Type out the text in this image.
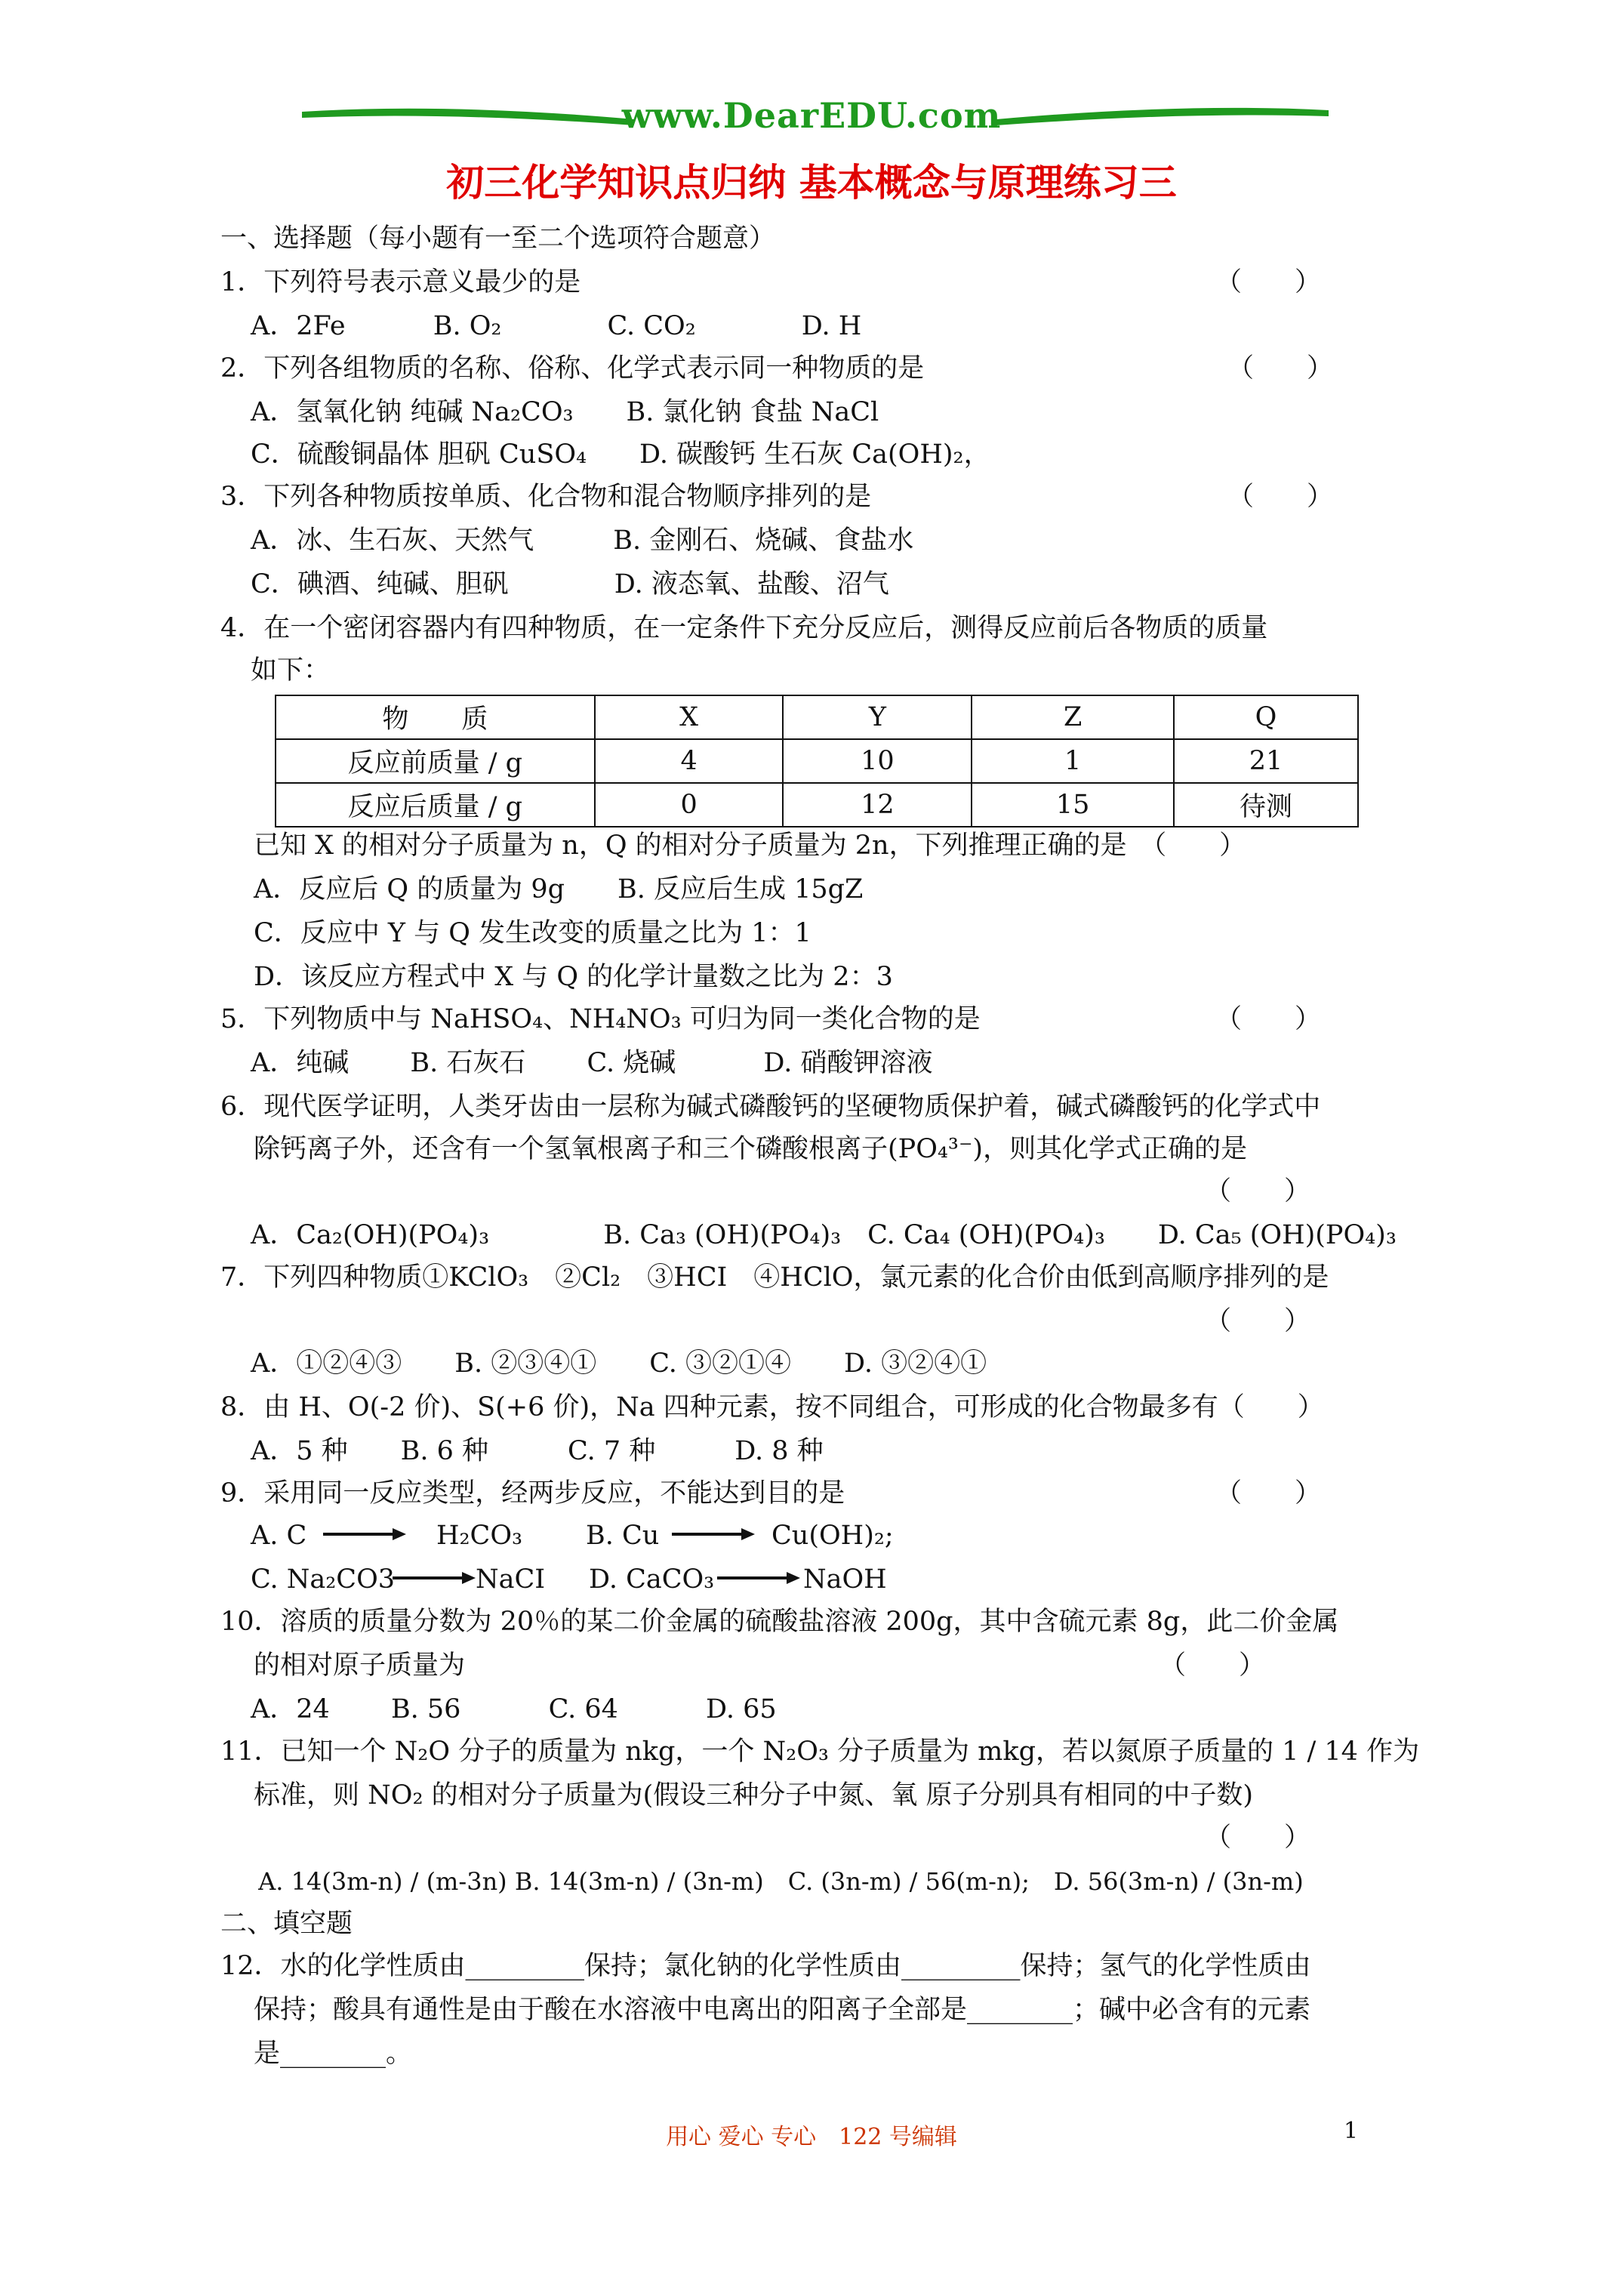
www.DearEDU.com
初三化学知识点归纳 基本概念与原理练习三
一、选择题（每小题有一至二个选项符合题意）
1．下列符号表示意义最少的是	（　　）
A．2Fe　　　 B. O₂　　　　C. CO₂　　　　D. H
2．下列各组物质的名称、俗称、化学式表示同一种物质的是	（　　）
A．氢氧化钠 纯碱 Na₂CO₃　　B. 氯化钠 食盐 NaCl
C．硫酸铜晶体 胆矾 CuSO₄　　D. 碳酸钙 生石灰 Ca(OH)₂，
3．下列各种物质按单质、化合物和混合物顺序排列的是	（　　）
A．冰、生石灰、天然气　　　B. 金刚石、烧碱、食盐水
C．碘酒、纯碱、胆矾　　　　D. 液态氧、盐酸、沼气
4．在一个密闭容器内有四种物质，在一定条件下充分反应后，测得反应前后各物质的质量
如下：
物　　质	X	Y	Z	Q
反应前质量 / g	4	10	1	21
反应后质量 / g	0	12	15	待测
已知 X 的相对分子质量为 n，Q 的相对分子质量为 2n，下列推理正确的是　（　　）
A．反应后 Q 的质量为 9g　　B. 反应后生成 15gZ
C．反应中 Y 与 Q 发生改变的质量之比为 1：1
D．该反应方程式中 X 与 Q 的化学计量数之比为 2：3
5．下列物质中与 NaHSO₄、NH₄NO₃ 可归为同一类化合物的是	（　　）
A．纯碱　　 B. 石灰石　　 C. 烧碱　　　 D. 硝酸钾溶液
6．现代医学证明，人类牙齿由一层称为碱式磷酸钙的坚硬物质保护着，碱式磷酸钙的化学式中
除钙离子外，还含有一个氢氧根离子和三个磷酸根离子(PO₄³⁻)，则其化学式正确的是
（　　）
A．Ca₂(OH)(PO₄)₃　　　　 B. Ca₃ (OH)(PO₄)₃　C. Ca₄ (OH)(PO₄)₃　　D. Ca₅ (OH)(PO₄)₃
7．下列四种物质①KClO₃　②Cl₂　③HCI　④HClO，氯元素的化合价由低到高顺序排列的是
（　　）
A．①②④③　　B. ②③④①　　C. ③②①④　　D. ③②④①
8．由 H、O(-2 价)、S(+6 价)，Na 四种元素，按不同组合，可形成的化合物最多有（　　）
A．5 种　　B. 6 种　　　C. 7 种　　　D. 8 种
9．采用同一反应类型，经两步反应，不能达到目的是	（　　）
A. C	H₂CO₃ B. Cu	Cu(OH)₂;
C. Na₂CO3	NaCI D. CaCO₃	NaOH
10．溶质的质量分数为 20％的某二价金属的硫酸盐溶液 200g，其中含硫元素 8g，此二价金属
的相对原子质量为	（　　）
A．24　　 B. 56　　　 C. 64　　　 D. 65
11．已知一个 N₂O 分子的质量为 nkg，一个 N₂O₃ 分子质量为 mkg，若以氮原子质量的 1 / 14 作为
标准，则 NO₂ 的相对分子质量为(假设三种分子中氮、氧 原子分别具有相同的中子数)
（　　）
A. 14(3m-n) / (m-3n) B. 14(3m-n) / (3n-m)　C. (3n-m) / 56(m-n);　D. 56(3m-n) / (3n-m)
二、填空题
12．水的化学性质由_________保持；氯化钠的化学性质由_________保持；氢气的化学性质由
保持；酸具有通性是由于酸在水溶液中电离出的阳离子全部是________；碱中必含有的元素
是________。
用心 爱心 专心　122 号编辑	1
